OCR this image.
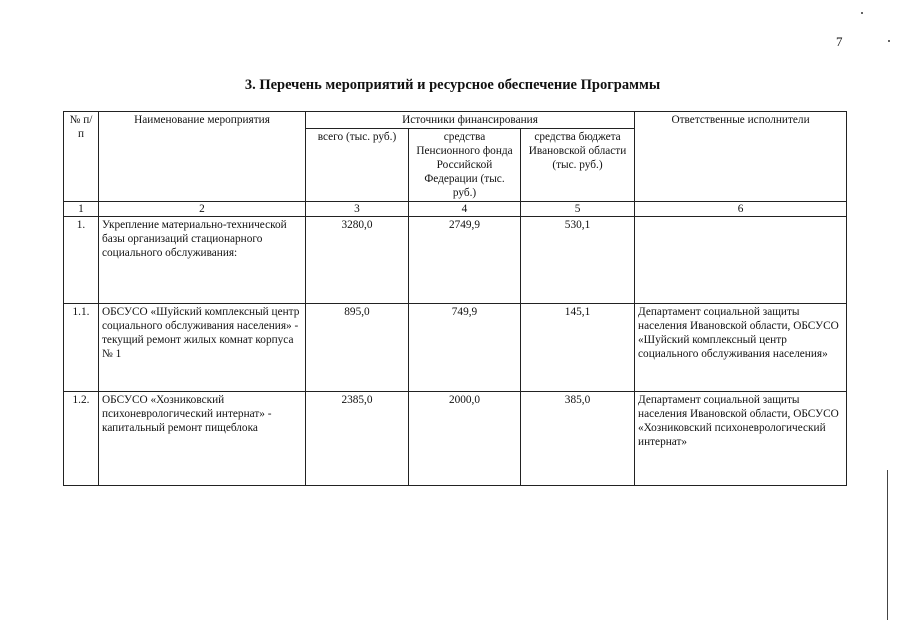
7
3. Перечень мероприятий и ресурсное обеспечение Программы
№ п/п	Наименование мероприятия	Источники финансирования			Ответственные исполнители
		всего (тыс. руб.)	средства Пенсионного фонда Российской Федерации (тыс. руб.)	средства бюджета Ивановской области (тыс. руб.)	
1	2	3	4	5	6
1.	Укрепление материально-технической базы организаций стационарного социального обслуживания:	3280,0	2749,9	530,1	
1.1.	ОБСУСО «Шуйский комплексный центр социального обслуживания населения» - текущий ремонт жилых комнат корпуса № 1	895,0	749,9	145,1	Департамент социальной защиты населения Ивановской области, ОБСУСО «Шуйский комплексный центр социального обслуживания населения»
1.2.	ОБСУСО «Хозниковский психоневрологический интернат» - капитальный ремонт пищеблока	2385,0	2000,0	385,0	Департамент социальной защиты населения Ивановской области, ОБСУСО «Хозниковский психоневрологический интернат»
